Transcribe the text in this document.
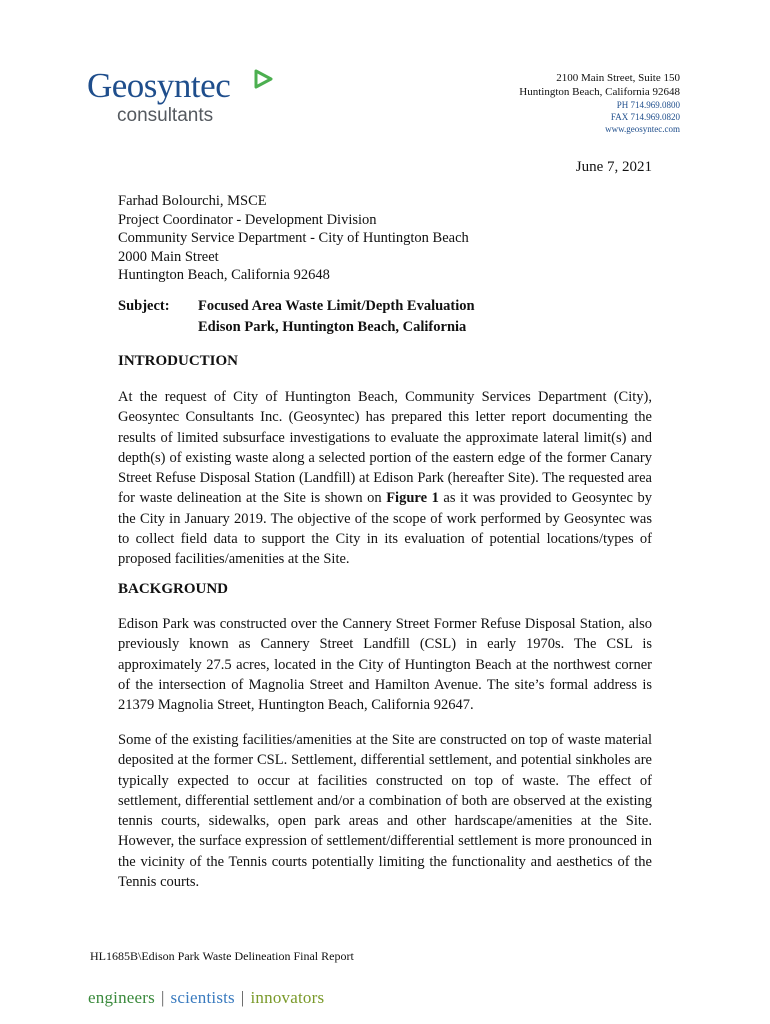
Geosyntec
consultants
2100 Main Street, Suite 150
Huntington Beach, California 92648
PH 714.969.0800
FAX 714.969.0820
www.geosyntec.com
June 7, 2021
Farhad Bolourchi, MSCE
Project Coordinator - Development Division
Community Service Department - City of Huntington Beach
2000 Main Street
Huntington Beach, California 92648
Subject: Focused Area Waste Limit/Depth Evaluation
Edison Park, Huntington Beach, California
INTRODUCTION
At the request of City of Huntington Beach, Community Services Department (City), Geosyntec Consultants Inc. (Geosyntec) has prepared this letter report documenting the results of limited subsurface investigations to evaluate the approximate lateral limit(s) and depth(s) of existing waste along a selected portion of the eastern edge of the former Canary Street Refuse Disposal Station (Landfill) at Edison Park (hereafter Site). The requested area for waste delineation at the Site is shown on Figure 1 as it was provided to Geosyntec by the City in January 2019. The objective of the scope of work performed by Geosyntec was to collect field data to support the City in its evaluation of potential locations/types of proposed facilities/amenities at the Site.
BACKGROUND
Edison Park was constructed over the Cannery Street Former Refuse Disposal Station, also previously known as Cannery Street Landfill (CSL) in early 1970s. The CSL is approximately 27.5 acres, located in the City of Huntington Beach at the northwest corner of the intersection of Magnolia Street and Hamilton Avenue. The site’s formal address is 21379 Magnolia Street, Huntington Beach, California 92647.
Some of the existing facilities/amenities at the Site are constructed on top of waste material deposited at the former CSL. Settlement, differential settlement, and potential sinkholes are typically expected to occur at facilities constructed on top of waste. The effect of settlement, differential settlement and/or a combination of both are observed at the existing tennis courts, sidewalks, open park areas and other hardscape/amenities at the Site. However, the surface expression of settlement/differential settlement is more pronounced in the vicinity of the Tennis courts potentially limiting the functionality and aesthetics of the Tennis courts.
HL1685B\Edison Park Waste Delineation Final Report
engineers | scientists | innovators
